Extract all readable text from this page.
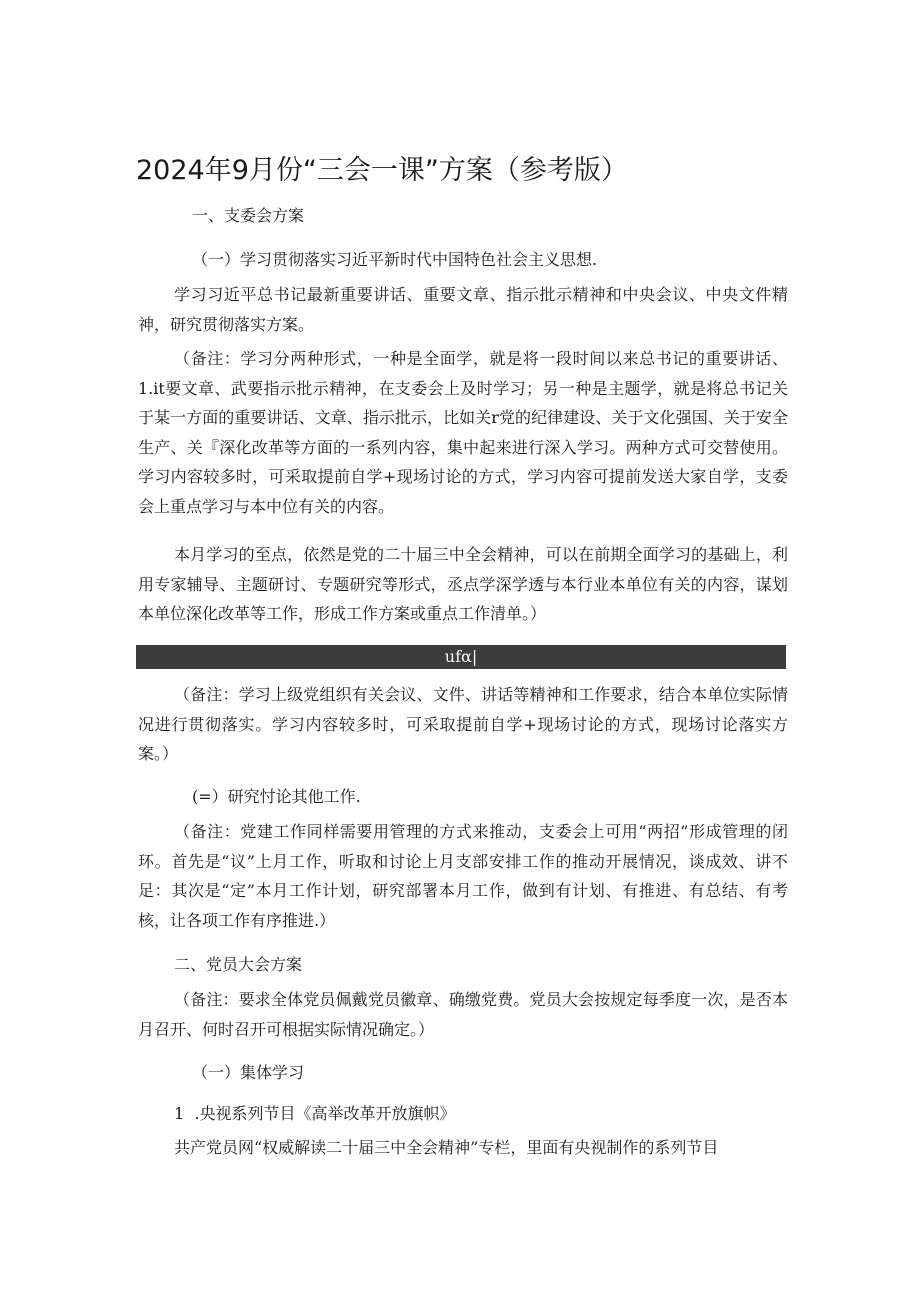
2024年9月份“三会一课”方案（参考版）

一、支委会方案

（一）学习贯彻落实习近平新时代中国特色社会主义思想.

学习习近平总书记最新重要讲话、重要文章、指示批示精神和中央会议、中央文件精神，研究贯彻落实方案。

（备注：学习分两种形式，一种是全面学，就是将一段时间以来总书记的重要讲话、1.it要文章、武要指示批示精神，在支委会上及时学习；另一种是主题学，就是将总书记关于某一方面的重要讲话、文章、指示批示，比如关r党的纪律建设、关于文化强国、关于安全生产、关『深化改革等方面的一系列内容，集中起来进行深入学习。两种方式可交替使用。学习内容较多时，可采取提前自学+现场讨论的方式，学习内容可提前发送大家自学，支委会上重点学习与本中位有关的内容。

本月学习的至点，依然是党的二十届三中全会精神，可以在前期全面学习的基础上，利用专家辅导、主题研讨、专题研究等形式，丞点学深学透与本行业本单位有关的内容，谋划本单位深化改革等工作，形成工作方案或重点工作清单。）

ufα|

（备注：学习上级党组织有关会议、文件、讲话等精神和工作要求，结合本单位实际情况进行贯彻落实。学习内容较多时，可采取提前自学+现场讨论的方式，现场讨论落实方案。）

(=）研究忖论其他工作.

（备注：党建工作同样需要用管理的方式来推动，支委会上可用“两招”形成管理的闭环。首先是“议”上月工作，听取和讨论上月支部安排工作的推动开展情况，谈成效、讲不足：其次是“定”本月工作计划，研究部署本月工作，做到有计划、有推进、有总结、有考核，让各项工作有序推进.）

二、党员大会方案

（备注：要求全体党员佩戴党员徽章、确缴党费。党员大会按规定每季度一次，是否本月召开、何时召开可根据实际情况确定。）

（一）集体学习

1  .央视系列节目《高举改革开放旗帜》

共产党员网“权威解读二十届三中全会精神”专栏，里面有央视制作的系列节目
